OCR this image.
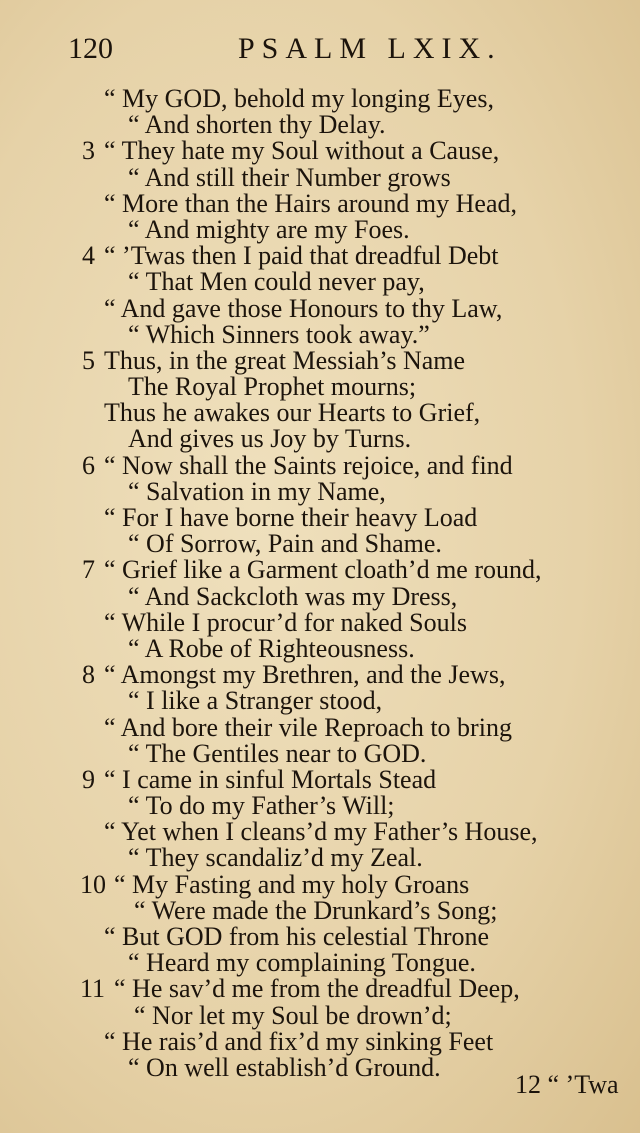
120	PSALM LXIX.
“ My GOD, behold my longing Eyes,
“ And shorten thy Delay.
3 “ They hate my Soul without a Cause,
“ And still their Number grows
“ More than the Hairs around my Head,
“ And mighty are my Foes.
4 “ ’Twas then I paid that dreadful Debt
“ That Men could never pay,
“ And gave those Honours to thy Law,
“ Which Sinners took away.”
5 Thus, in the great Messiah’s Name
The Royal Prophet mourns;
Thus he awakes our Hearts to Grief,
And gives us Joy by Turns.
6 “ Now shall the Saints rejoice, and find
“ Salvation in my Name,
“ For I have borne their heavy Load
“ Of Sorrow, Pain and Shame.
7 “ Grief like a Garment cloath’d me round,
“ And Sackcloth was my Dress,
“ While I procur’d for naked Souls
“ A Robe of Righteousness.
8 “ Amongst my Brethren, and the Jews,
“ I like a Stranger stood,
“ And bore their vile Reproach to bring
“ The Gentiles near to GOD.
9 “ I came in sinful Mortals Stead
“ To do my Father’s Will;
“ Yet when I cleans’d my Father’s House,
“ They scandaliz’d my Zeal.
10 “ My Fasting and my holy Groans
“ Were made the Drunkard’s Song;
“ But GOD from his celestial Throne
“ Heard my complaining Tongue.
11 “ He sav’d me from the dreadful Deep,
“ Nor let my Soul be drown’d;
“ He rais’d and fix’d my sinking Feet
“ On well establish’d Ground.
12 “ ’Twa
